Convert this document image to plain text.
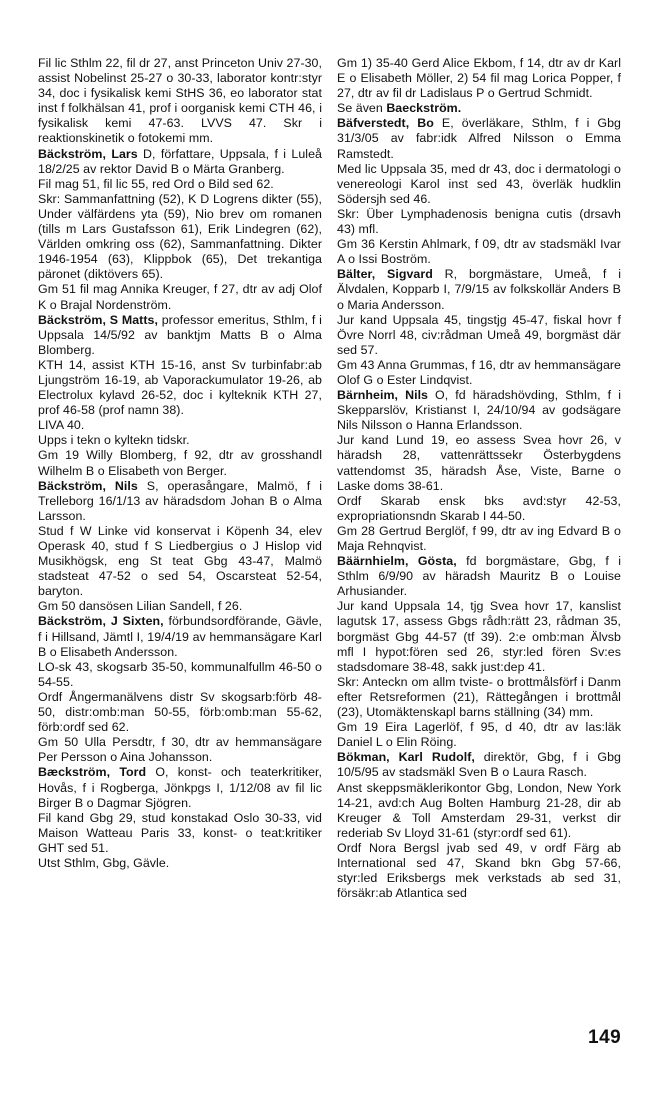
Fil lic Sthlm 22, fil dr 27, anst Princeton Univ 27-30, assist Nobelinst 25-27 o 30-33, laborator kontr:styr 34, doc i fysikalisk kemi StHS 36, eo laborator stat inst f folkhälsan 41, prof i oorganisk kemi CTH 46, i fysikalisk kemi 47-63. LVVS 47. Skr i reaktionskinetik o fotokemi mm.

Bäckström, Lars D, författare, Uppsala, f i Luleå 18/2/25 av rektor David B o Märta Granberg.

Fil mag 51, fil lic 55, red Ord o Bild sed 62.

Skr: Sammanfattning (52), K D Logrens dikter (55), Under välfärdens yta (59), Nio brev om romanen (tills m Lars Gustafsson 61), Erik Lindegren (62), Världen omkring oss (62), Sammanfattning. Dikter 1946-1954 (63), Klippbok (65), Det trekantiga päronet (diktövers 65).

Gm 51 fil mag Annika Kreuger, f 27, dtr av adj Olof K o Brajal Nordenström.

Bäckström, S Matts, professor emeritus, Sthlm, f i Uppsala 14/5/92 av banktjm Matts B o Alma Blomberg.

KTH 14, assist KTH 15-16, anst Sv turbinfabr:ab Ljungström 16-19, ab Vaporackumulator 19-26, ab Electrolux kylavd 26-52, doc i kylteknik KTH 27, prof 46-58 (prof namn 38).

LIVA 40.

Upps i tekn o kyltekn tidskr.

Gm 19 Willy Blomberg, f 92, dtr av grosshandl Wilhelm B o Elisabeth von Berger.

Bäckström, Nils S, operasångare, Malmö, f i Trelleborg 16/1/13 av häradsdom Johan B o Alma Larsson.

Stud f W Linke vid konservat i Köpenh 34, elev Operask 40, stud f S Liedbergius o J Hislop vid Musikhögsk, eng St teat Gbg 43-47, Malmö stadsteat 47-52 o sed 54, Oscarsteat 52-54, baryton.

Gm 50 dansösen Lilian Sandell, f 26.

Bäckström, J Sixten, förbundsordförande, Gävle, f i Hillsand, Jämtl I, 19/4/19 av hemmansägare Karl B o Elisabeth Andersson.

LO-sk 43, skogsarb 35-50, kommunalfullm 46-50 o 54-55.

Ordf Ångermanälvens distr Sv skogsarb:förb 48-50, distr:omb:man 50-55, förb:omb:man 55-62, förb:ordf sed 62.

Gm 50 Ulla Persdtr, f 30, dtr av hemmansägare Per Persson o Aina Johansson.

Bæckström, Tord O, konst- och teaterkritiker, Hovås, f i Rogberga, Jönkpgs I, 1/12/08 av fil lic Birger B o Dagmar Sjögren.

Fil kand Gbg 29, stud konstakad Oslo 30-33, vid Maison Watteau Paris 33, konst- o teat:kritiker GHT sed 51.

Utst Sthlm, Gbg, Gävle.

Gm 1) 35-40 Gerd Alice Ekbom, f 14, dtr av dr Karl E o Elisabeth Möller, 2) 54 fil mag Lorica Popper, f 27, dtr av fil dr Ladislaus P o Gertrud Schmidt.

Se även Baeckström.

Bäfverstedt, Bo E, överläkare, Sthlm, f i Gbg 31/3/05 av fabr:idk Alfred Nilsson o Emma Ramstedt.

Med lic Uppsala 35, med dr 43, doc i dermatologi o venereologi Karol inst sed 43, överläk hudklin Södersjh sed 46.

Skr: Über Lymphadenosis benigna cutis (drsavh 43) mfl.

Gm 36 Kerstin Ahlmark, f 09, dtr av stadsmäkl Ivar A o Issi Boström.

Bälter, Sigvard R, borgmästare, Umeå, f i Älvdalen, Kopparb I, 7/9/15 av folkskollär Anders B o Maria Andersson.

Jur kand Uppsala 45, tingstjg 45-47, fiskal hovr f Övre Norrl 48, civ:rådman Umeå 49, borgmäst där sed 57.

Gm 43 Anna Grummas, f 16, dtr av hemmansägare Olof G o Ester Lindqvist.

Bärnheim, Nils O, fd häradshövding, Sthlm, f i Skepparslöv, Kristianst I, 24/10/94 av godsägare Nils Nilsson o Hanna Erlandsson.

Jur kand Lund 19, eo assess Svea hovr 26, v häradsh 28, vattenrättssekr Österbygdens vattendomst 35, häradsh Åse, Viste, Barne o Laske doms 38-61.

Ordf Skarab ensk bks avd:styr 42-53, expropriationsndn Skarab I 44-50.

Gm 28 Gertrud Berglöf, f 99, dtr av ing Edvard B o Maja Rehnqvist.

Bäärnhielm, Gösta, fd borgmästare, Gbg, f i Sthlm 6/9/90 av häradsh Mauritz B o Louise Arhusiander.

Jur kand Uppsala 14, tjg Svea hovr 17, kanslist lagutsk 17, assess Gbgs rådh:rätt 23, rådman 35, borgmäst Gbg 44-57 (tf 39). 2:e omb:man Älvsb mfl I hypot:fören sed 26, styr:led fören Sv:es stadsdomare 38-48, sakk just:dep 41.

Skr: Anteckn om allm tviste- o brottmålsförf i Danm efter Retsreformen (21), Rättegången i brottmål (23), Utomäktenskapl barns ställning (34) mm.

Gm 19 Eira Lagerlöf, f 95, d 40, dtr av las:läk Daniel L o Elin Röing.

Bökman, Karl Rudolf, direktör, Gbg, f i Gbg 10/5/95 av stadsmäkl Sven B o Laura Rasch.

Anst skeppsmäklerikontor Gbg, London, New York 14-21, avd:ch Aug Bolten Hamburg 21-28, dir ab Kreuger & Toll Amsterdam 29-31, verkst dir rederiab Sv Lloyd 31-61 (styr:ordf sed 61).

Ordf Nora Bergsl jvab sed 49, v ordf Färg ab International sed 47, Skand bkn Gbg 57-66, styr:led Eriksbergs mek verkstads ab sed 31, försäkr:ab Atlantica sed

149
